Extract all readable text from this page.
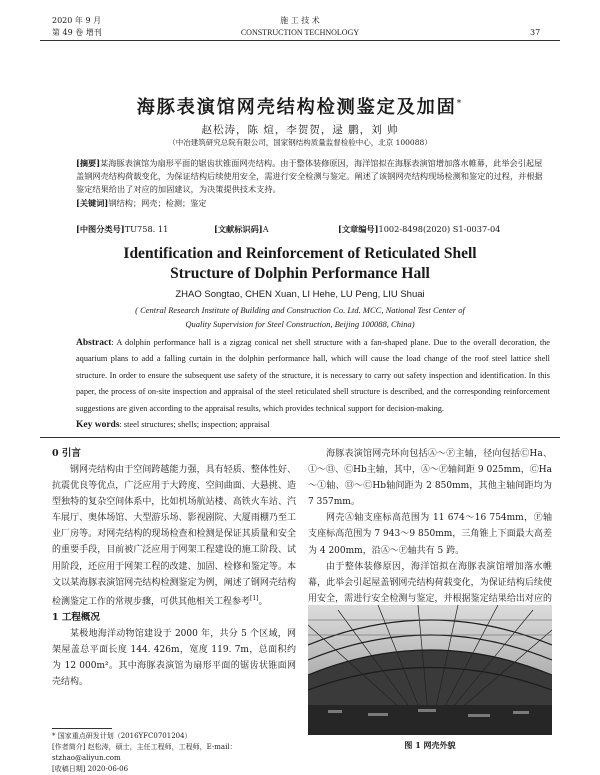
2020 年 9 月
第 49 卷 增刊
施 工 技 术
CONSTRUCTION TECHNOLOGY	37
海豚表演馆网壳结构检测鉴定及加固*
赵松涛，陈 煊，李贺贺，逯 鹏，刘 帅
（中冶建筑研究总院有限公司，国家钢结构质量监督检验中心，北京 100088）
[摘要]某海豚表演馆为扇形平面的锯齿状锥面网壳结构。由于整体装修原因，海洋馆拟在海豚表演馆增加落水帷幕，此举会引起屋盖钢网壳结构荷载变化，为保证结构后续使用安全，需进行安全检测与鉴定。阐述了该钢网壳结构现场检测和鉴定的过程，并根据鉴定结果给出了对应的加固建议，为决策提供技术支持。
[关键词]钢结构；网壳；检测；鉴定
[中图分类号]TU758. 11	[文献标识码]A	[文章编号]1002-8498(2020) S1-0037-04
Identification and Reinforcement of Reticulated Shell
Structure of Dolphin Performance Hall
ZHAO Songtao, CHEN Xuan, LI Hehe, LU Peng, LIU Shuai
( Central Research Institute of Building and Construction Co. Ltd. MCC, National Test Center of
Quality Supervision for Steel Construction, Beijing 100088, China)
Abstract: A dolphin performance hall is a zigzag conical net shell structure with a fan-shaped plane. Due to the overall decoration, the aquarium plans to add a falling curtain in the dolphin performance hall, which will cause the load change of the roof steel lattice shell structure. In order to ensure the subsequent use safety of the structure, it is necessary to carry out safety inspection and identification. In this paper, the process of on-site inspection and appraisal of the steel reticulated shell structure is described, and the corresponding reinforcement suggestions are given according to the appraisal results, which provides technical support for decision-making.
Key words: steel structures; shells; inspection; appraisal
0 引言

钢网壳结构由于空间跨越能力强，具有轻质、整体性好、抗震优良等优点，广泛应用于大跨度、空间曲面、大悬挑、造型独特的复杂空间体系中，比如机场航站楼、高铁火车站、汽车展厅、奥体场馆、大型游乐场、影视剧院、大厦雨棚乃至工业厂房等。对网壳结构的现场检查和检测是保证其质量和安全的重要手段，目前被广泛应用于网架工程建设的施工阶段、试用阶段，还应用于网架工程的改建、加固、检修和鉴定等。本文以某海豚表演馆网壳结构检测鉴定为例，阐述了钢网壳结构检测鉴定工作的常规步骤，可供其他相关工程参考[1]。

1 工程概况

某极地海洋动物馆建设于 2000 年，共分 5 个区域，网架屋盖总平面长度 144. 426m，宽度 119. 7m，总面积约为 12 000m²。其中海豚表演馆为扇形平面的锯齿状锥面网壳结构。

* 国家重点研发计划（2016YFC0701204）
[作者简介] 赵松涛，硕士，主任工程师，工程师，E-mail：stzhao@aliyun.com
[收稿日期] 2020-06-06

海豚表演馆网壳环向包括Ⓐ～Ⓕ主轴，径向包括ⒸHa、①～⑬、ⒸHb主轴，其中，Ⓐ～Ⓕ轴间距 9 025mm，ⒸHa～①轴、⑬～ⒸHb轴间距为 2 850mm，其他主轴间距均为 7 357mm。

网壳Ⓐ轴支座标高范围为 11 674～16 754mm，Ⓕ轴支座标高范围为 7 943～9 850mm，三角锥上下面最大高差为 4 200mm，沿Ⓐ～Ⓕ轴共有 5 跨。

由于整体装修原因，海洋馆拟在海豚表演馆增加落水帷幕，此举会引起屋盖钢网壳结构荷载变化，为保证结构后续使用安全，需进行安全检测与鉴定，并根据鉴定结果给出对应的

图 1 网壳外貌
